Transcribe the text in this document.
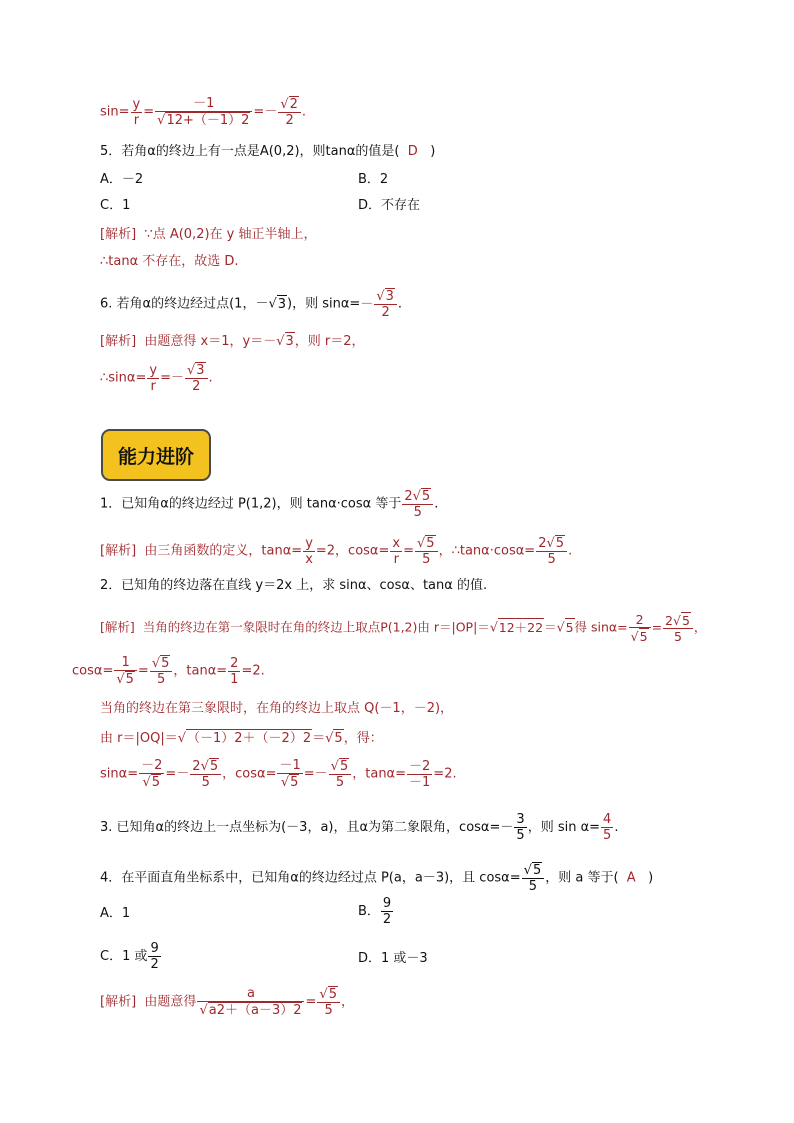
$\sin= \frac{y}{r} = \frac{-1}{√12+(-1)2} =- \frac{√2}{2}$ .
5．若角α的终边上有一点是A(0,2)，则tanα的值是( D )
A．－2	B．2
C．1	D．不存在
[解析] ∵点 A(0,2)在 y 轴正半轴上，
∴tanα 不存在，故选 D.
6. 若角α的终边经过点(1，－√3)，则 $\sin\alpha=- \frac{√3}{2}$ .
[解析] 由题意得 x＝1，y＝－√3，则 r＝2，
∴sinα= $\frac{y}{r} =- \frac{√3}{2}$ .
能力进阶
1．已知角α的终边经过 P(1,2)，则 tanα·cosα 等于 $\frac{2√5}{5}$ .
[解析] 由三角函数的定义，$\tan\alpha= \frac{y}{x} =2$，$\cos\alpha= \frac{x}{r} = \frac{√5}{5}$ ，∴tanα·cosα= $\frac{2√5}{5}$ .
2．已知角的终边落在直线 y＝2x 上，求 sinα、cosα、tanα 的值.
[解析] 当角的终边在第一象限时在角的终边上取点P(1,2)由 r＝|OP|＝√12＋22＝√5得 $\sin\alpha= \frac{2}{√5} = \frac{2√5}{5}$ ，
$\cos\alpha= \frac{1}{√5} = \frac{√5}{5}$ ，$\tan\alpha= \frac{2}{1} =2$.
当角的终边在第三象限时，在角的终边上取点 Q(－1，－2)，
由 r＝|OQ|＝√（－1）2＋（－2）2＝√5，得：
$\sin\alpha= \frac{-2}{√5} =- \frac{2√5}{5}$ ，$\cos\alpha= \frac{-1}{√5} =- \frac{√5}{5}$ ，$\tan\alpha= \frac{-2}{-1} =2$.
3. 已知角α的终边上一点坐标为(－3，a)，且α为第二象限角，$\cos\alpha=- \frac{3}{5}$ ，则 $\sin \alpha= \frac{4}{5}$ .
4．在平面直角坐标系中，已知角α的终边经过点 P(a，a－3)，且 $\cos\alpha= \frac{√5}{5}$ ，则 a 等于( A )
A．1	B． $\frac{9}{2}$
C．1 或 $\frac{9}{2}$	D．1 或－3
[解析] 由题意得 $\frac{a}{√a2+(a-3)2} = \frac{√5}{5}$ ，
